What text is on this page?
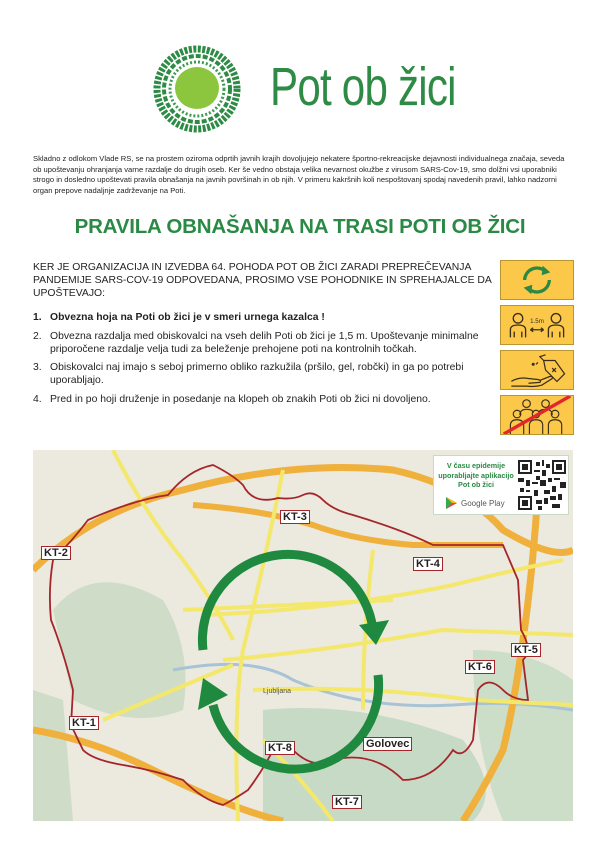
Pot ob žici

Skladno z odlokom Vlade RS, se na prostem oziroma odprtih javnih krajih dovoljujejo nekatere športno-rekreacijske dejavnosti individualnega značaja, seveda ob upoštevanju ohranjanja varne razdalje do drugih oseb. Ker še vedno obstaja velika nevarnost okužbe z virusom SARS-Cov-19, smo dolžni vsi uporabniki strogo in dosledno upoštevati pravila obnašanja na javnih površinah in ob njih. V primeru kakršnih koli nespoštovanj spodaj navedenih pravil, lahko nadzorni organ prepove nadaljnje zadrževanje na Poti.

PRAVILA OBNAŠANJA NA TRASI POTI OB ŽICI

KER JE ORGANIZACIJA IN IZVEDBA 64. POHODA POT OB ŽICI ZARADI PREPREČEVANJA PANDEMIJE SARS-COV-19 ODPOVEDANA, PROSIMO VSE POHODNIKE IN SPREHAJALCE DA UPOŠTEVAJO:

1. Obvezna hoja na Poti ob žici je v smeri urnega kazalca !
2. Obvezna razdalja med obiskovalci na vseh delih Poti ob žici je 1,5 m. Upoštevanje minimalne priporočene razdalje velja tudi za beleženje prehojene poti na kontrolnih točkah.
3. Obiskovalci naj imajo s seboj primerno obliko razkužila (pršilo, gel, robčki) in ga po potrebi uporabljajo.
4. Pred in po hoji druženje in posedanje na klopeh ob znakih Poti ob žici ni dovoljeno.
1.5m
Ljubljana
KT-2
KT-3
KT-4
KT-5
KT-6
KT-1
KT-8	Golovec
KT-7
V času epidemije uporabljajte aplikacijo Pot ob žici
Google Play
